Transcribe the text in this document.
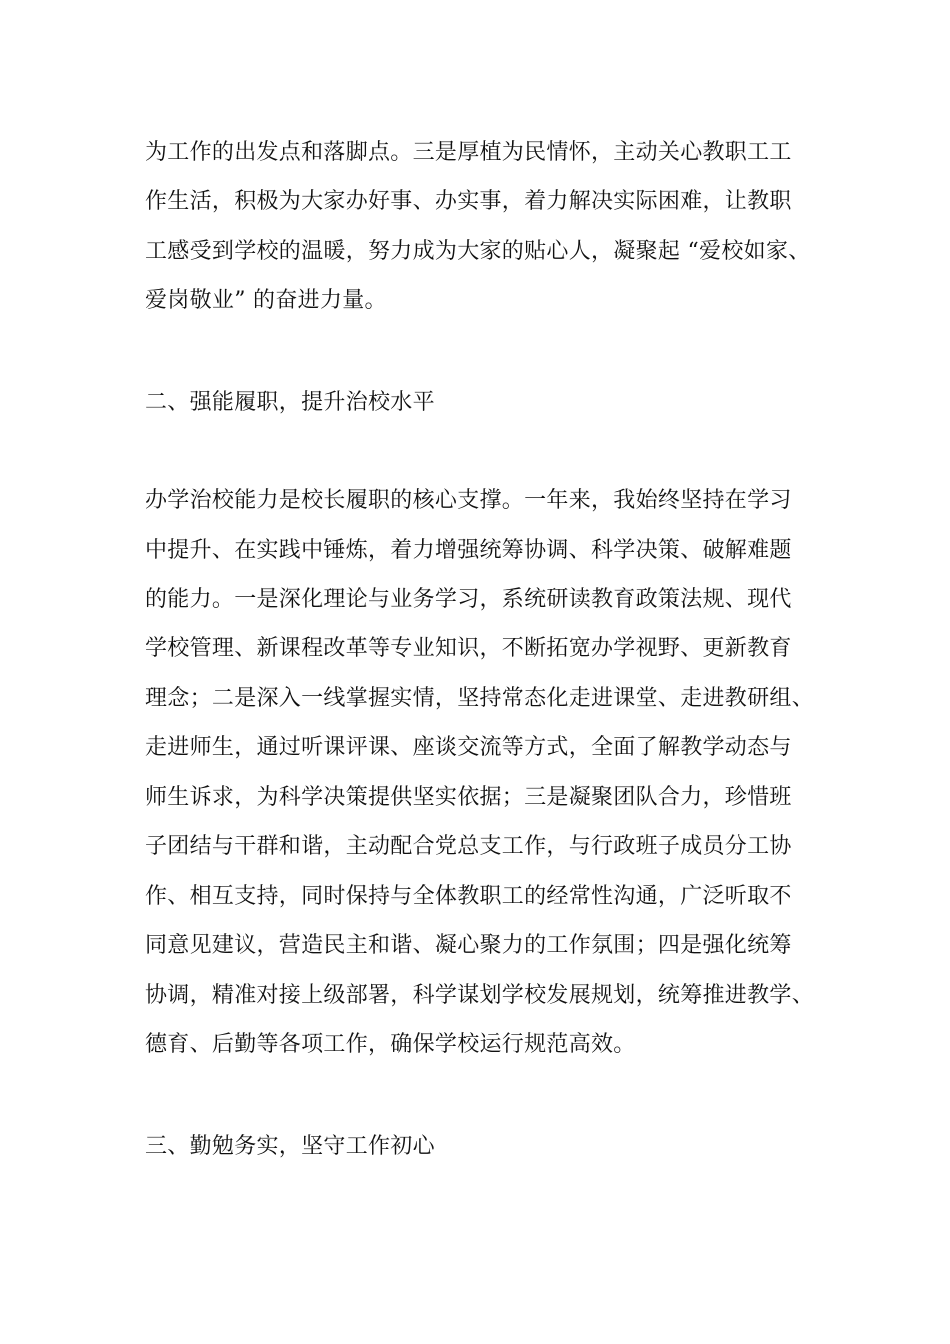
为工作的出发点和落脚点。三是厚植为民情怀，主动关心教职工工
作生活，积极为大家办好事、办实事，着力解决实际困难，让教职
工感受到学校的温暖，努力成为大家的贴心人，凝聚起 “爱校如家、
爱岗敬业” 的奋进力量。
二、强能履职，提升治校水平
办学治校能力是校长履职的核心支撑。一年来，我始终坚持在学习
中提升、在实践中锤炼，着力增强统筹协调、科学决策、破解难题
的能力。一是深化理论与业务学习，系统研读教育政策法规、现代
学校管理、新课程改革等专业知识，不断拓宽办学视野、更新教育
理念；二是深入一线掌握实情，坚持常态化走进课堂、走进教研组、
走进师生，通过听课评课、座谈交流等方式，全面了解教学动态与
师生诉求，为科学决策提供坚实依据；三是凝聚团队合力，珍惜班
子团结与干群和谐，主动配合党总支工作，与行政班子成员分工协
作、相互支持，同时保持与全体教职工的经常性沟通，广泛听取不
同意见建议，营造民主和谐、凝心聚力的工作氛围；四是强化统筹
协调，精准对接上级部署，科学谋划学校发展规划，统筹推进教学、
德育、后勤等各项工作，确保学校运行规范高效。
三、勤勉务实，坚守工作初心
